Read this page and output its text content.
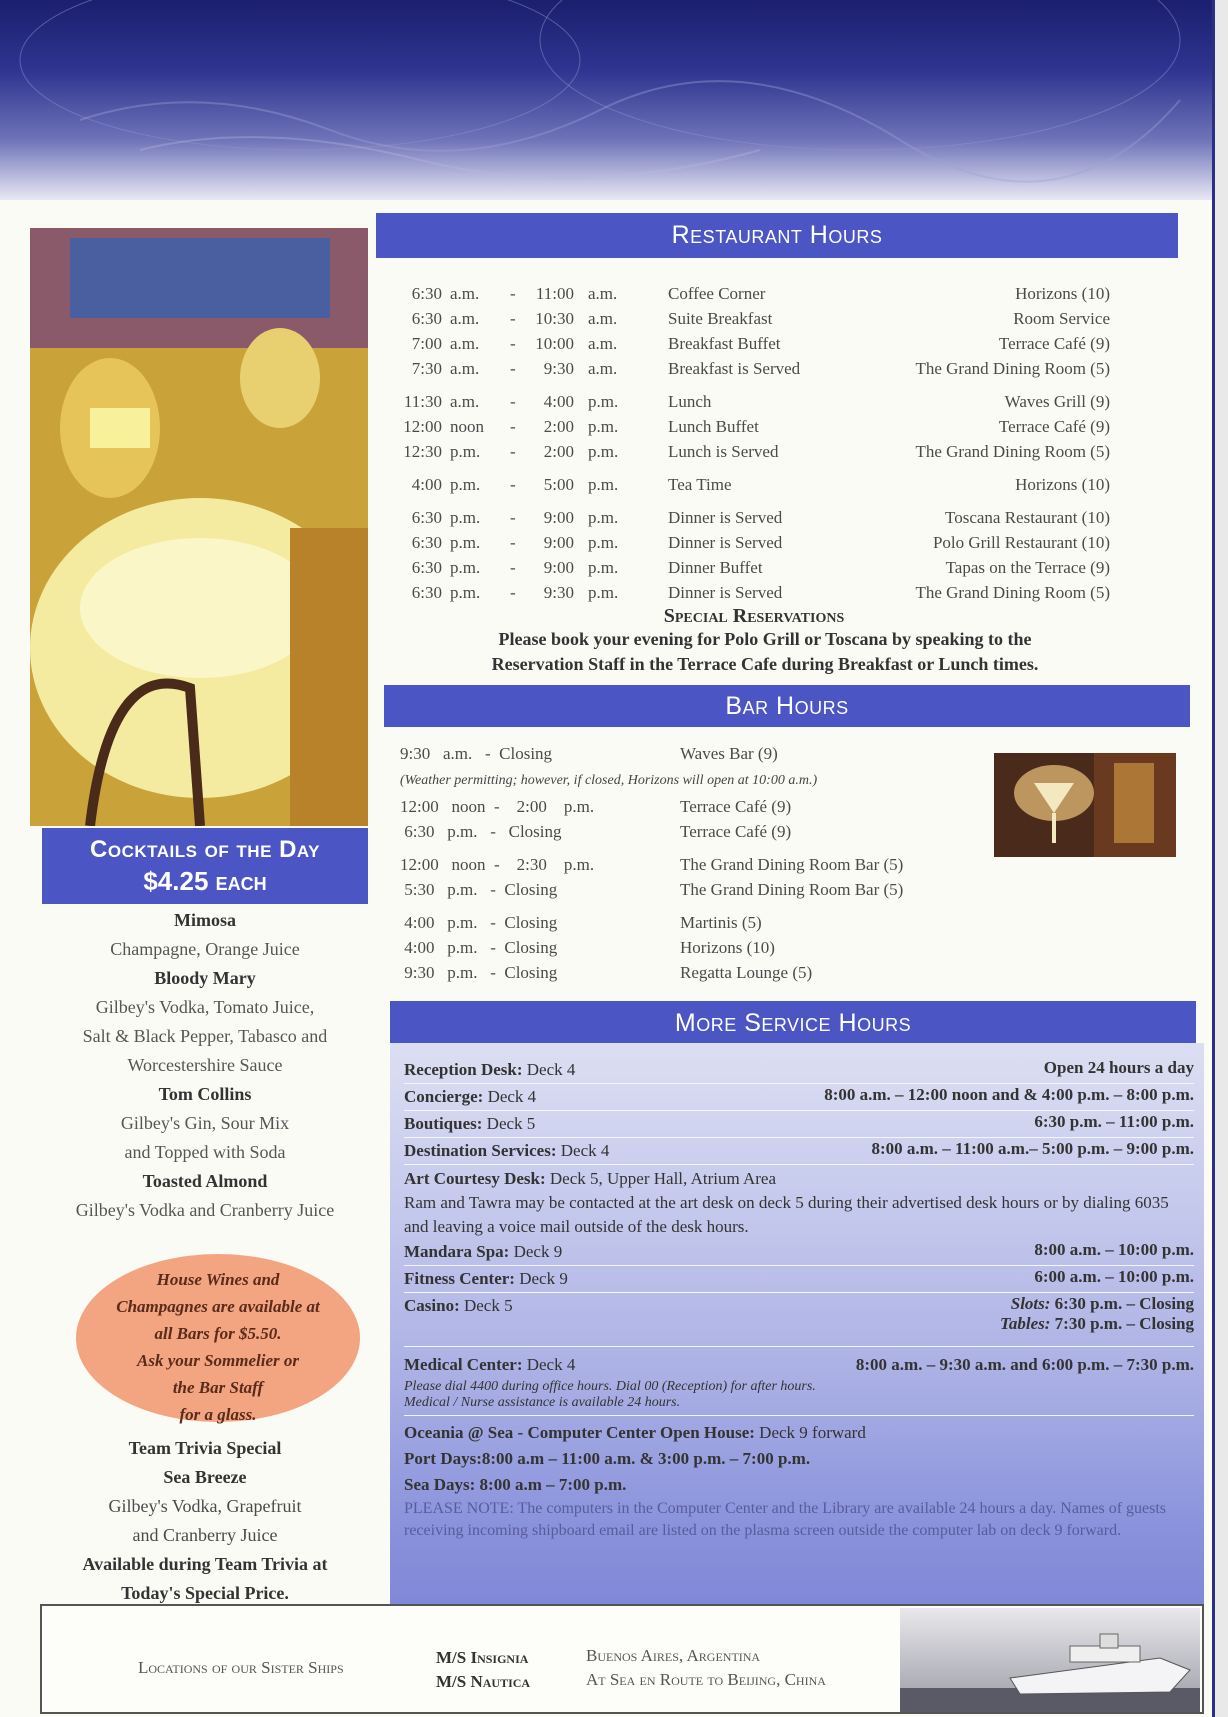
Cocktails of the Day
$4.25 each
Mimosa
Champagne, Orange Juice
Bloody Mary
Gilbey's Vodka, Tomato Juice,
Salt & Black Pepper, Tabasco and
Worcestershire Sauce
Tom Collins
Gilbey's Gin, Sour Mix
and Topped with Soda
Toasted Almond
Gilbey's Vodka and Cranberry Juice
House Wines and
Champagnes are available at
all Bars for $5.50.
Ask your Sommelier or
the Bar Staff
for a glass.
Team Trivia Special
Sea Breeze
Gilbey's Vodka, Grapefruit
and Cranberry Juice
Available during Team Trivia at
Today's Special Price.
Restaurant Hours
6:30 a.m. -	11:00 a.m.	Coffee Corner	Horizons (10)
6:30 a.m. -	10:30 a.m.	Suite Breakfast	Room Service
7:00 a.m. -	10:00 a.m.	Breakfast Buffet	Terrace Café (9)
7:30 a.m. -	9:30 a.m.	Breakfast is Served	The Grand Dining Room (5)
11:30 a.m. -	4:00 p.m.	Lunch	Waves Grill (9)
12:00 noon -	2:00 p.m.	Lunch Buffet	Terrace Café (9)
12:30 p.m. -	2:00 p.m.	Lunch is Served	The Grand Dining Room (5)
4:00 p.m. -	5:00 p.m.	Tea Time	Horizons (10)
6:30 p.m. -	9:00 p.m.	Dinner is Served	Toscana Restaurant (10)
6:30 p.m. -	9:00 p.m.	Dinner is Served	Polo Grill Restaurant (10)
6:30 p.m. -	9:00 p.m.	Dinner Buffet	Tapas on the Terrace (9)
6:30 p.m. -	9:30 p.m.	Dinner is Served	The Grand Dining Room (5)
Special Reservations
Please book your evening for Polo Grill or Toscana by speaking to the
Reservation Staff in the Terrace Cafe during Breakfast or Lunch times.
Bar Hours
9:30   a.m.   -  Closing	Waves Bar (9)
(Weather permitting; however, if closed, Horizons will open at 10:00 a.m.)
12:00   noon  -    2:00    p.m.	Terrace Café (9)
6:30   p.m.   -   Closing	Terrace Café (9)
12:00   noon  -    2:30    p.m.	The Grand Dining Room Bar (5)
5:30   p.m.   -  Closing	The Grand Dining Room Bar (5)
4:00   p.m.   -  Closing	Martinis (5)
4:00   p.m.   -  Closing	Horizons (10)
9:30   p.m.   -  Closing	Regatta Lounge (5)
More Service Hours
Reception Desk: Deck 4	Open 24 hours a day
Concierge: Deck 4	8:00 a.m. – 12:00 noon and & 4:00 p.m. – 8:00 p.m.
Boutiques: Deck 5	6:30 p.m. – 11:00 p.m.
Destination Services: Deck 4	8:00 a.m. – 11:00 a.m.– 5:00 p.m. – 9:00 p.m.
Art Courtesy Desk: Deck 5, Upper Hall, Atrium Area
Ram and Tawra may be contacted at the art desk on deck 5 during their advertised desk hours or by dialing 6035 and leaving a voice mail outside of the desk hours.
Mandara Spa: Deck 9	8:00 a.m. – 10:00 p.m.
Fitness Center: Deck 9	6:00 a.m. – 10:00 p.m.
Casino: Deck 5	Slots: 6:30 p.m. – Closing
Tables: 7:30 p.m. – Closing
Medical Center: Deck 4	8:00 a.m. – 9:30 a.m. and 6:00 p.m. – 7:30 p.m.
Please dial 4400 during office hours. Dial 00 (Reception) for after hours.
Medical / Nurse assistance is available 24 hours.
Oceania @ Sea - Computer Center Open House: Deck 9 forward
Port Days:8:00 a.m – 11:00 a.m. & 3:00 p.m. – 7:00 p.m.
Sea Days: 8:00 a.m – 7:00 p.m.
PLEASE NOTE: The computers in the Computer Center and the Library are available 24 hours a day. Names of guests receiving incoming shipboard email are listed on the plasma screen outside the computer lab on deck 9 forward.
Locations of our Sister Ships
M/S Insignia	Buenos Aires, Argentina
M/S Nautica	At Sea en Route to Beijing, China
